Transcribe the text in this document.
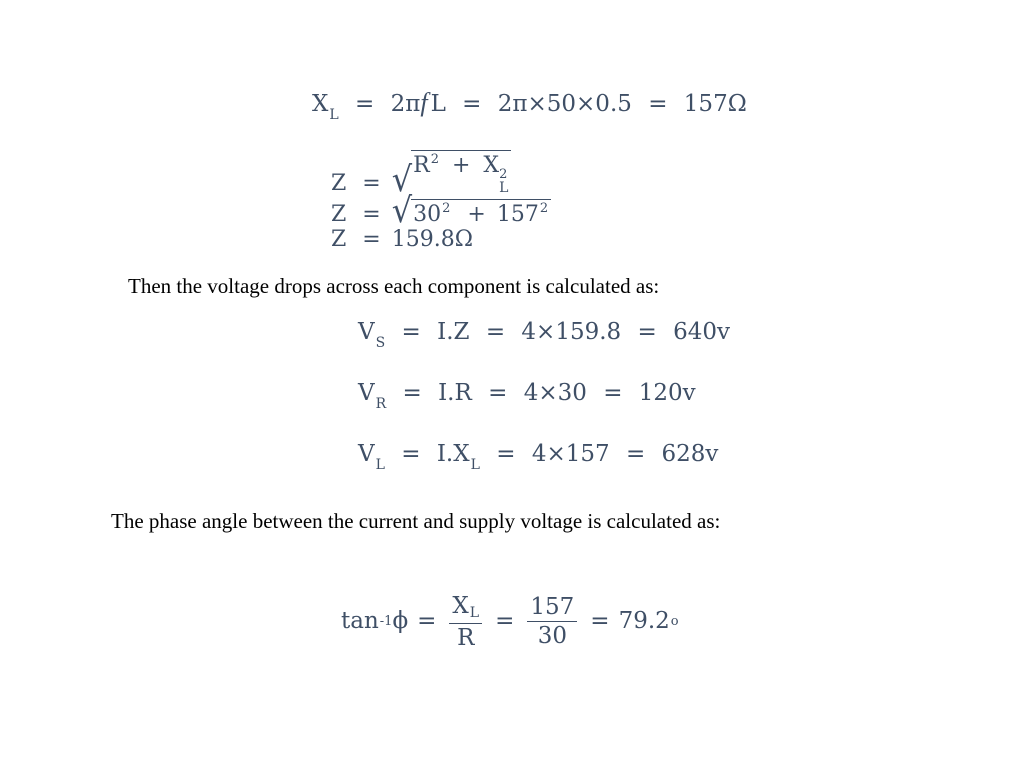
$X_L = 2\pi f$ L = 2π×50×0.5 = 157Ω
Z = √ $R^2 + X$ 2
L
Z = √ $30^2 + 157^2$
Z = 159.8Ω
Then the voltage drops across each component is calculated as:
$V_S = I.Z = 4\times 159.8 = 640v$
$V_R = I.R = 4\times 30 = 120v$
$V_L = I.X_L = 4\times 157 = 628v$
The phase angle between the current and supply voltage is calculated as:
tan -1 $\phi = \frac{X_L}{R} = \frac{157}{30} = 79.2$ o
